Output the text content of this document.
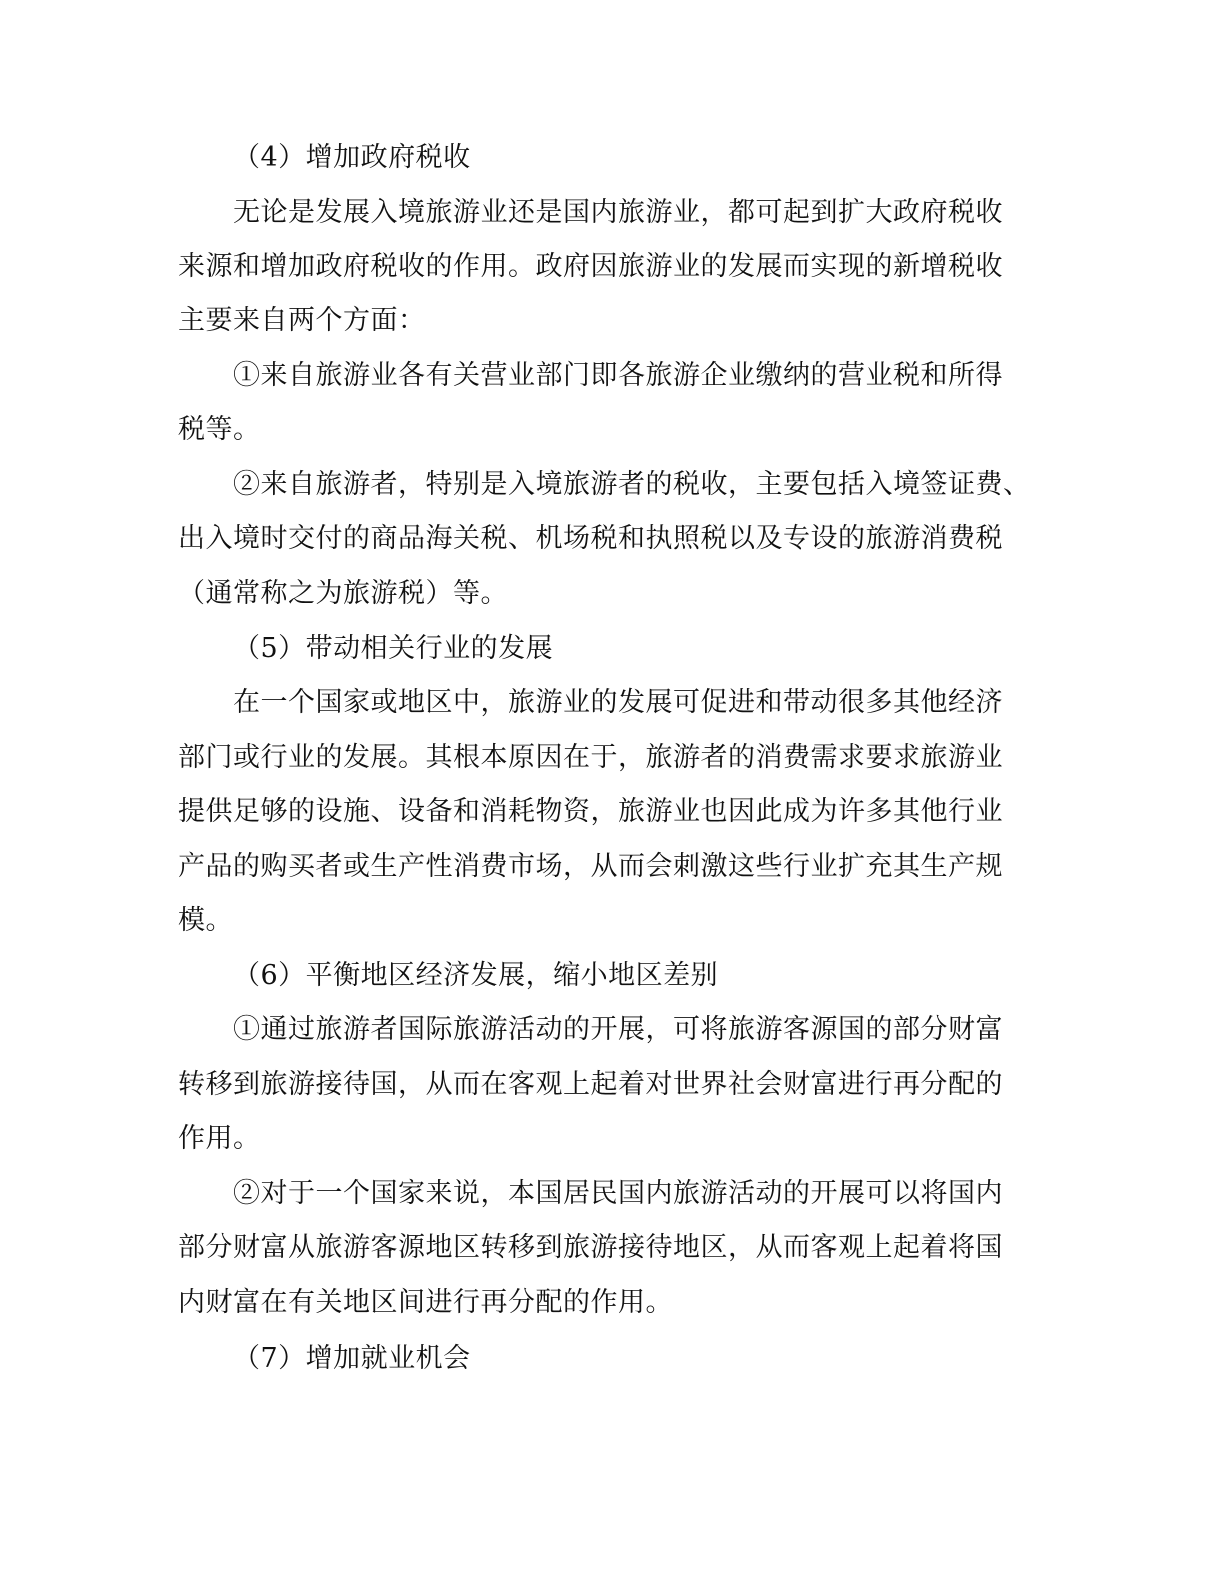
（4）增加政府税收
无论是发展入境旅游业还是国内旅游业，都可起到扩大政府税收
来源和增加政府税收的作用。政府因旅游业的发展而实现的新增税收
主要来自两个方面：
①来自旅游业各有关营业部门即各旅游企业缴纳的营业税和所得
税等。
②来自旅游者，特别是入境旅游者的税收，主要包括入境签证费、
出入境时交付的商品海关税、机场税和执照税以及专设的旅游消费税
（通常称之为旅游税）等。
（5）带动相关行业的发展
在一个国家或地区中，旅游业的发展可促进和带动很多其他经济
部门或行业的发展。其根本原因在于，旅游者的消费需求要求旅游业
提供足够的设施、设备和消耗物资，旅游业也因此成为许多其他行业
产品的购买者或生产性消费市场，从而会刺激这些行业扩充其生产规
模。
（6）平衡地区经济发展，缩小地区差别
①通过旅游者国际旅游活动的开展，可将旅游客源国的部分财富
转移到旅游接待国，从而在客观上起着对世界社会财富进行再分配的
作用。
②对于一个国家来说，本国居民国内旅游活动的开展可以将国内
部分财富从旅游客源地区转移到旅游接待地区，从而客观上起着将国
内财富在有关地区间进行再分配的作用。
（7）增加就业机会
